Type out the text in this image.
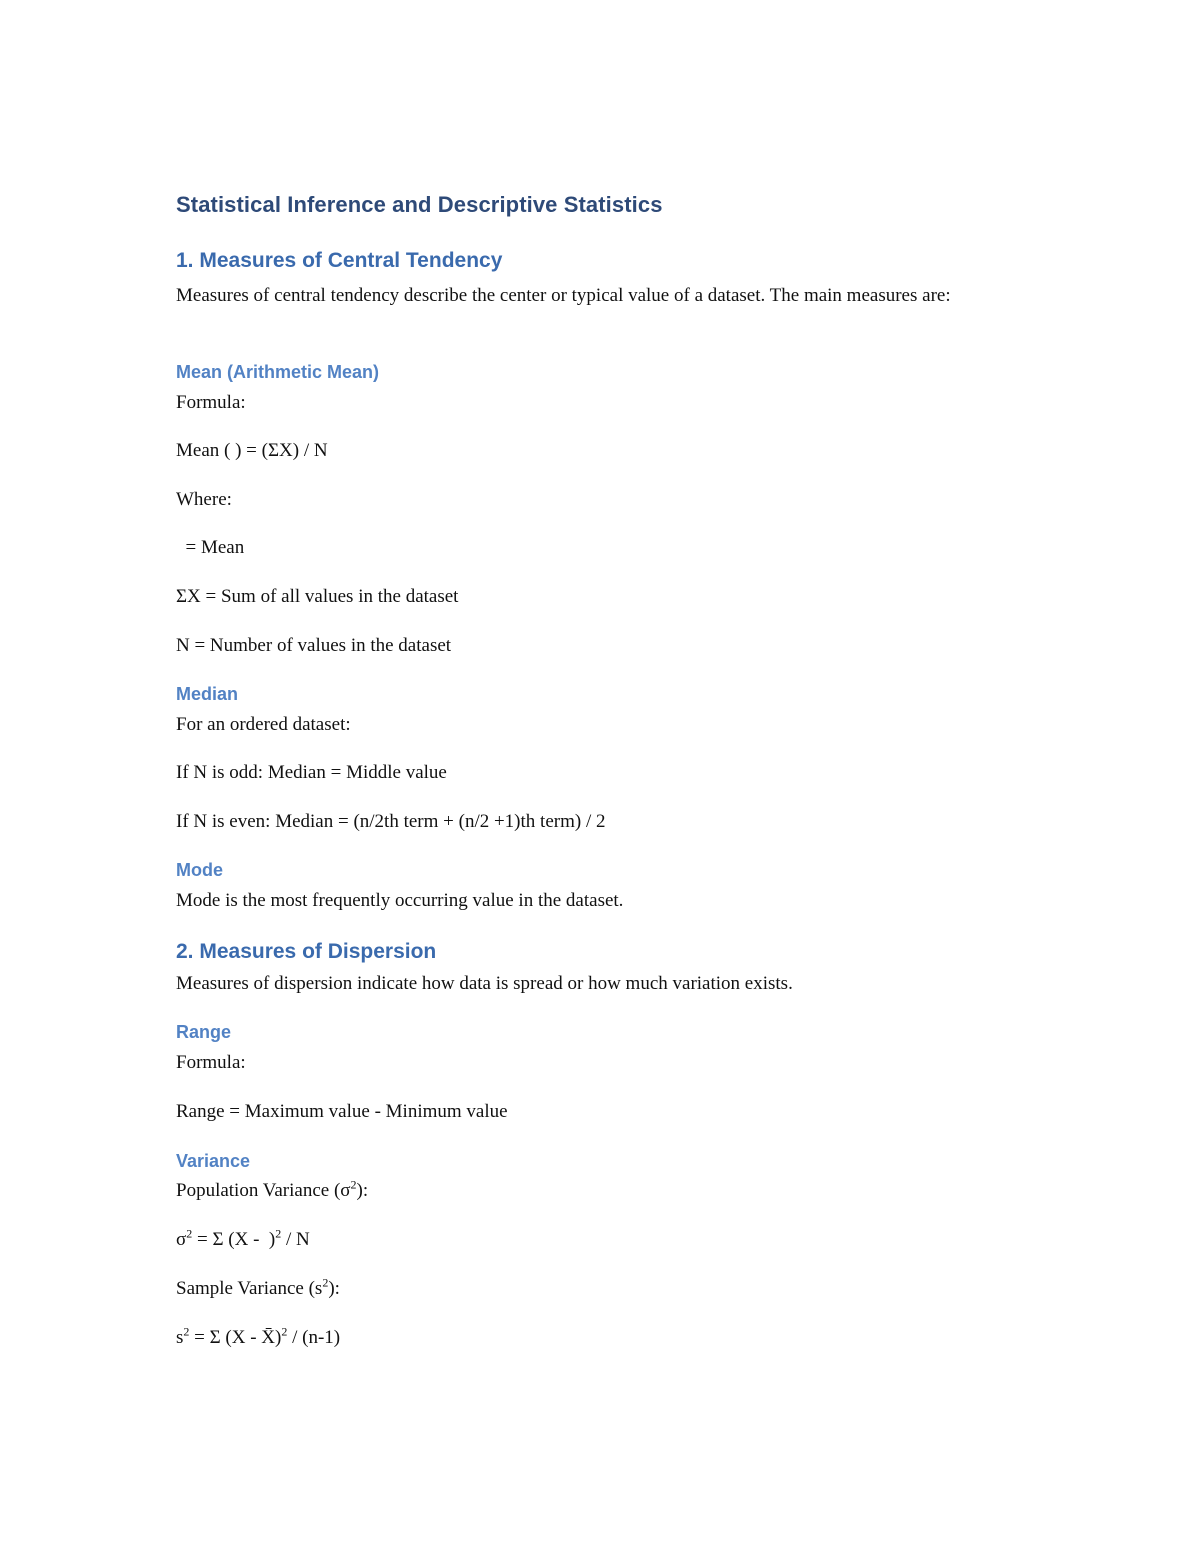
Statistical Inference and Descriptive Statistics
1. Measures of Central Tendency
Measures of central tendency describe the center or typical value of a dataset. The main measures are:
Mean (Arithmetic Mean)
Formula:
Mean ( ) = (ΣX) / N
Where:
= Mean
ΣX = Sum of all values in the dataset
N = Number of values in the dataset
Median
For an ordered dataset:
If N is odd: Median = Middle value
If N is even: Median = (n/2th term + (n/2 +1)th term) / 2
Mode
Mode is the most frequently occurring value in the dataset.
2. Measures of Dispersion
Measures of dispersion indicate how data is spread or how much variation exists.
Range
Formula:
Range = Maximum value - Minimum value
Variance
Population Variance $(\sigma^2)$:
$\sigma^2 = \Sigma$ (X -  )$^2$ / N
Sample Variance $(s^2)$:
$s^2 = \Sigma$ (X - X̄)$^2$ / (n-1)
